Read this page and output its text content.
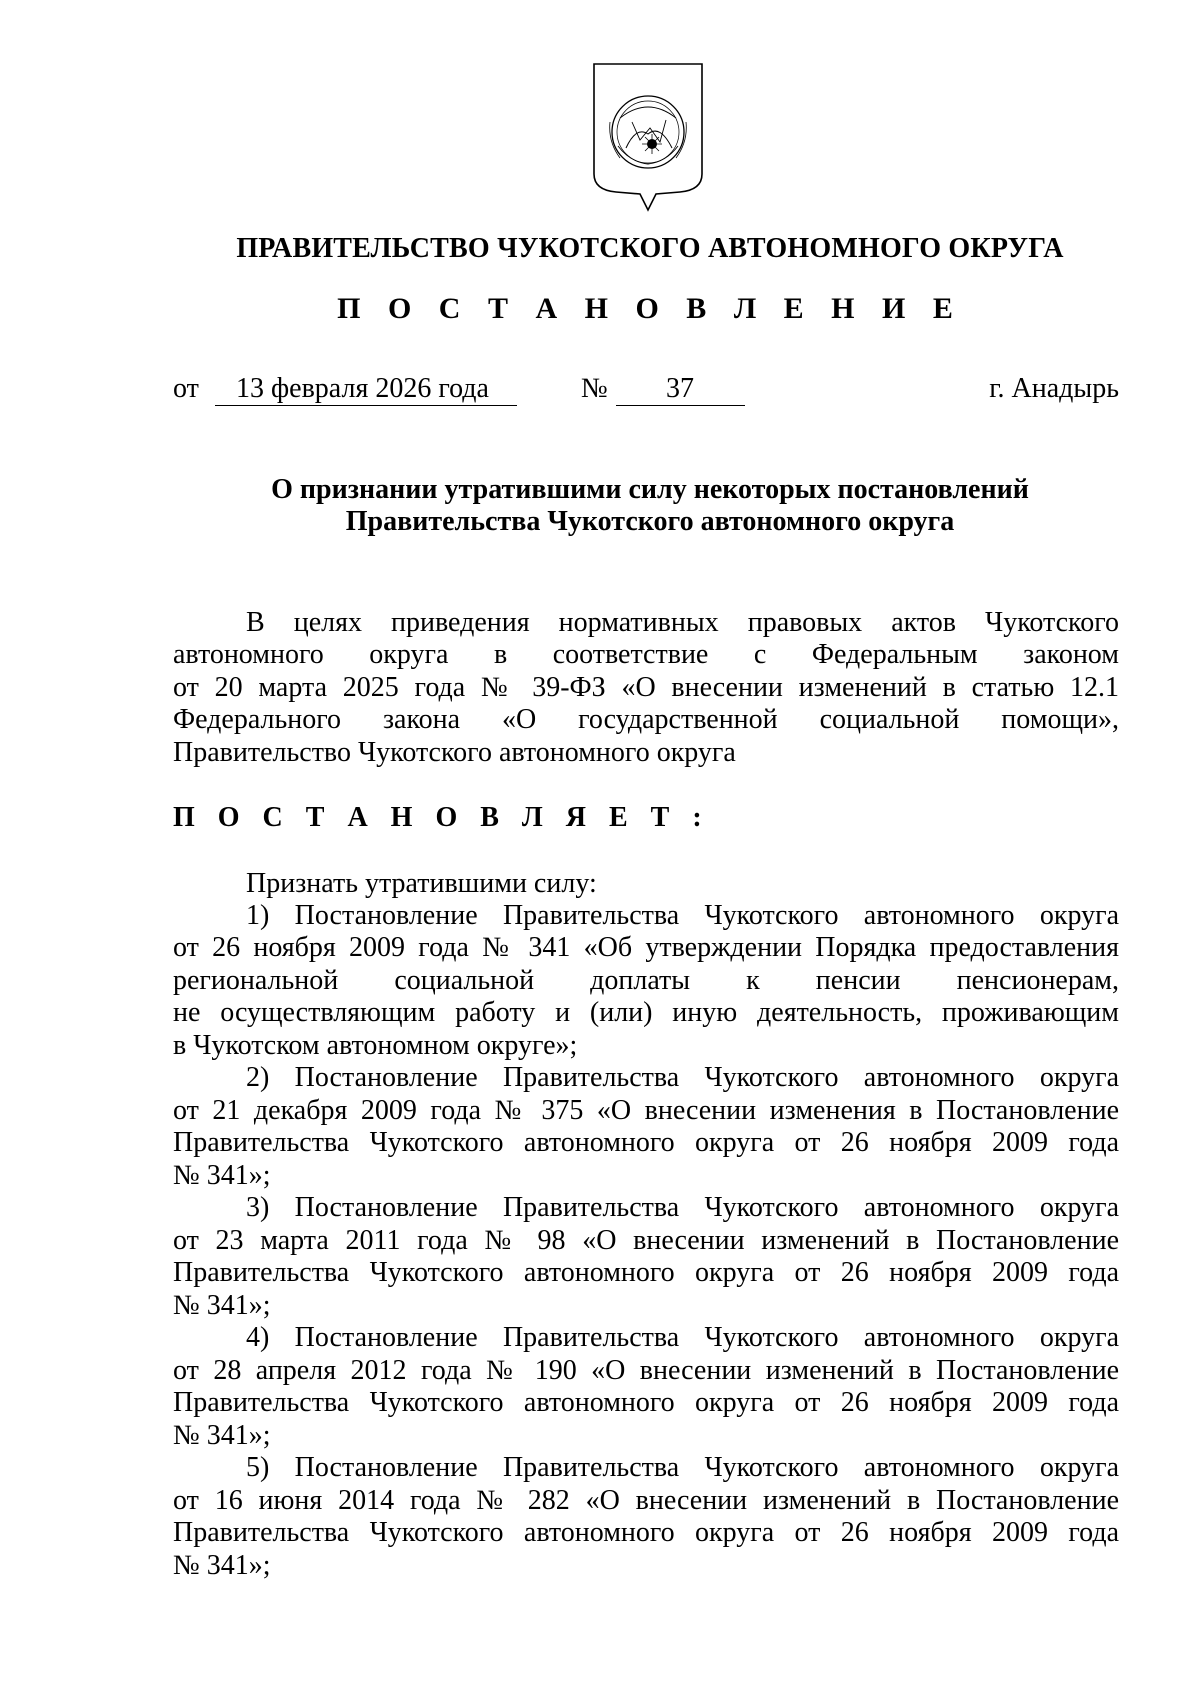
ПРАВИТЕЛЬСТВО ЧУКОТСКОГО АВТОНОМНОГО ОКРУГА
П О С Т А Н О В Л Е Н И Е
от 13 февраля 2026 года	№ 37	г. Анадырь
О признании утратившими силу некоторых постановлений
Правительства Чукотского автономного округа
В целях приведения нормативных правовых актов Чукотского
автономного округа в соответствие с Федеральным законом
от 20 марта 2025 года № 39-ФЗ «О внесении изменений в статью 12.1
Федерального закона «О государственной социальной помощи»,
Правительство Чукотского автономного округа
П О С Т А Н О В Л Я Е Т :
Признать утратившими силу:
1) Постановление Правительства Чукотского автономного округа
от 26 ноября 2009 года № 341 «Об утверждении Порядка предоставления
региональной социальной доплаты к пенсии пенсионерам,
не осуществляющим работу и (или) иную деятельность, проживающим
в Чукотском автономном округе»;
2) Постановление Правительства Чукотского автономного округа
от 21 декабря 2009 года № 375 «О внесении изменения в Постановление
Правительства Чукотского автономного округа от 26 ноября 2009 года
№ 341»;
3) Постановление Правительства Чукотского автономного округа
от 23 марта 2011 года № 98 «О внесении изменений в Постановление
Правительства Чукотского автономного округа от 26 ноября 2009 года
№ 341»;
4) Постановление Правительства Чукотского автономного округа
от 28 апреля 2012 года № 190 «О внесении изменений в Постановление
Правительства Чукотского автономного округа от 26 ноября 2009 года
№ 341»;
5) Постановление Правительства Чукотского автономного округа
от 16 июня 2014 года № 282 «О внесении изменений в Постановление
Правительства Чукотского автономного округа от 26 ноября 2009 года
№ 341»;
